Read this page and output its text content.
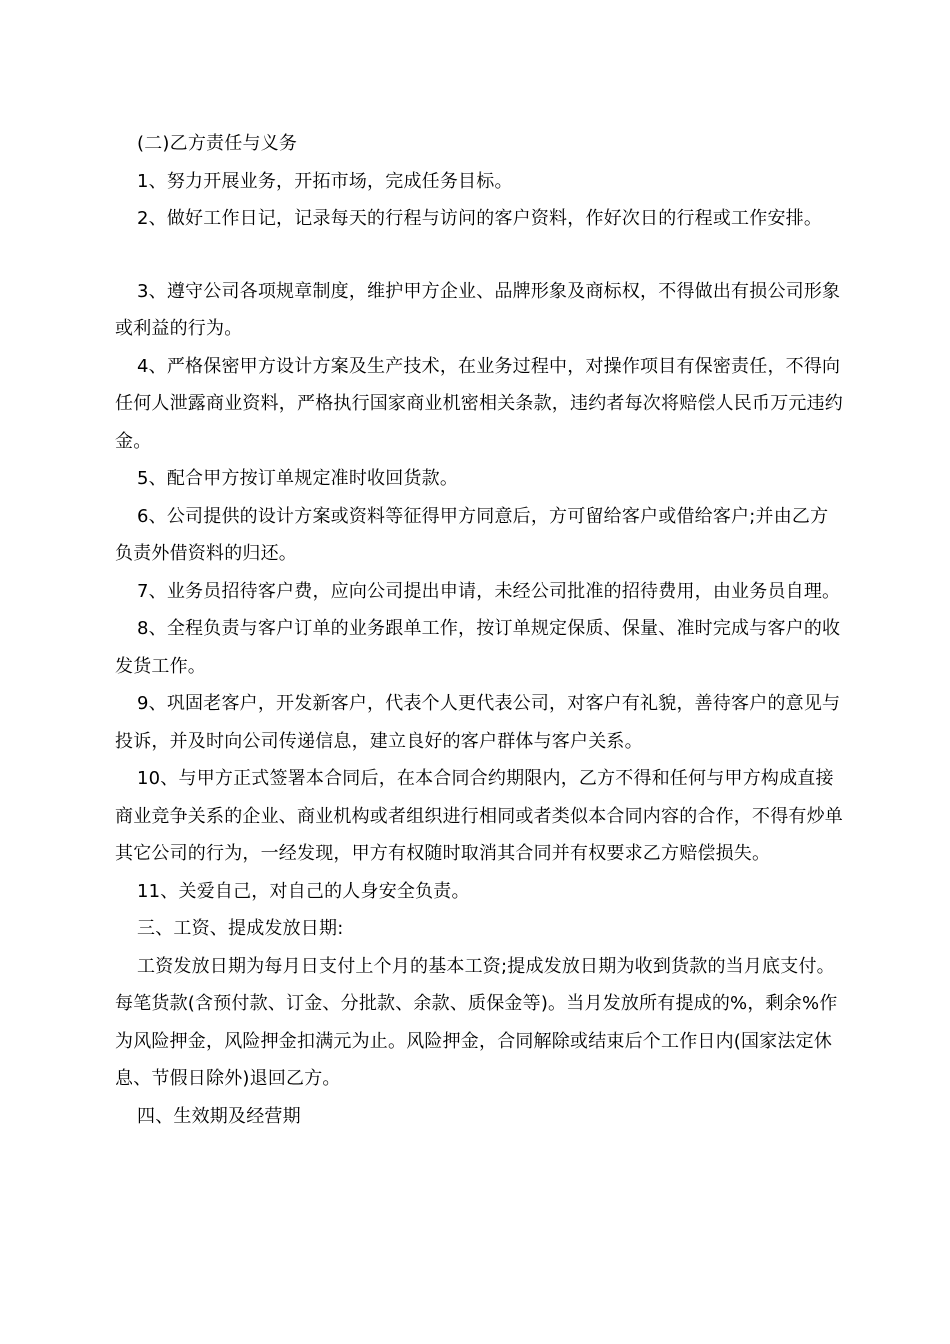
(二)乙方责任与义务

1、努力开展业务，开拓市场，完成任务目标。

2、做好工作日记，记录每天的行程与访问的客户资料，作好次日的行程或工作安排。

3、遵守公司各项规章制度，维护甲方企业、品牌形象及商标权，不得做出有损公司形象或利益的行为。

4、严格保密甲方设计方案及生产技术，在业务过程中，对操作项目有保密责任，不得向任何人泄露商业资料，严格执行国家商业机密相关条款，违约者每次将赔偿人民币万元违约金。

5、配合甲方按订单规定准时收回货款。

6、公司提供的设计方案或资料等征得甲方同意后，方可留给客户或借给客户;并由乙方负责外借资料的归还。

7、业务员招待客户费，应向公司提出申请，未经公司批准的招待费用，由业务员自理。

8、全程负责与客户订单的业务跟单工作，按订单规定保质、保量、准时完成与客户的收发货工作。

9、巩固老客户，开发新客户，代表个人更代表公司，对客户有礼貌，善待客户的意见与投诉，并及时向公司传递信息，建立良好的客户群体与客户关系。

10、与甲方正式签署本合同后，在本合同合约期限内，乙方不得和任何与甲方构成直接商业竞争关系的企业、商业机构或者组织进行相同或者类似本合同内容的合作，不得有炒单其它公司的行为，一经发现，甲方有权随时取消其合同并有权要求乙方赔偿损失。

11、关爱自己，对自己的人身安全负责。

三、工资、提成发放日期:

工资发放日期为每月日支付上个月的基本工资;提成发放日期为收到货款的当月底支付。每笔货款(含预付款、订金、分批款、余款、质保金等)。当月发放所有提成的%，剩余%作为风险押金，风险押金扣满元为止。风险押金，合同解除或结束后个工作日内(国家法定休息、节假日除外)退回乙方。

四、生效期及经营期
